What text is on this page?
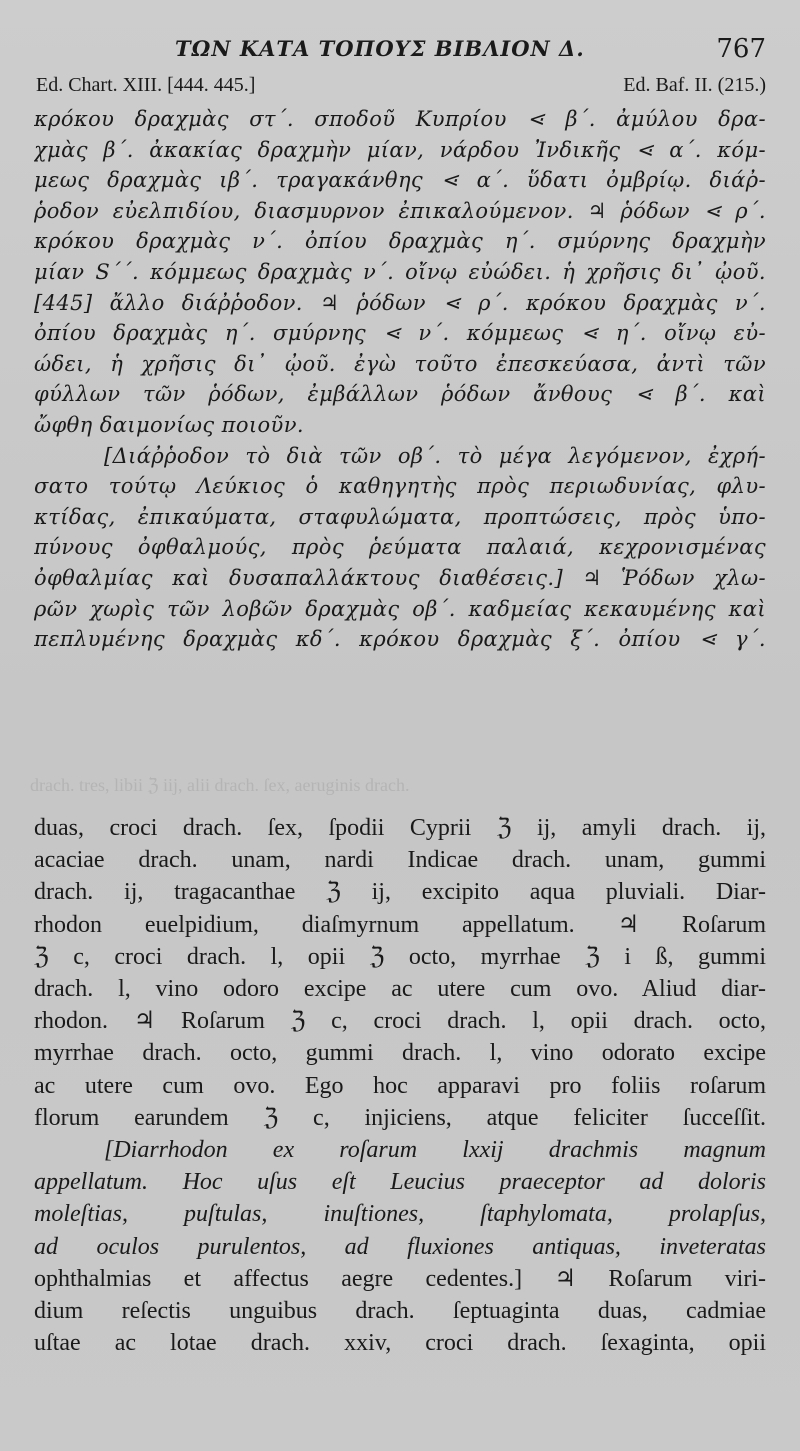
ΤΩΝ ΚΑΤΑ ΤΟΠΟΥΣ ΒΙΒΛΙΟΝ Δ.	767
Ed. Chart. XIII. [444. 445.]	Ed. Baf. II. (215.)
κρόκου δραχμὰς στ΄. σποδοῦ Κυπρίου ⋖ β΄. ἀμύλου δρα-
χμὰς β΄. ἀκακίας δραχμὴν μίαν, νάρδου Ἰνδικῆς ⋖ α΄. κόμ-
μεως δραχμὰς ιβ΄. τραγακάνθης ⋖ α΄. ὕδατι ὀμβρίῳ. διάῤ-
ῥοδον εὐελπιδίου, διασμυρνον ἐπικαλούμενον. ♃ ῥόδων ⋖ ρ΄.
κρόκου δραχμὰς ν΄. ὀπίου δραχμὰς η΄. σμύρνης δραχμὴν
μίαν S΄΄. κόμμεως δραχμὰς ν΄. οἴνῳ εὐώδει. ἡ χρῆσις δι᾿ ᾠοῦ.
[445] ἄλλο διάῤῥοδον. ♃ ῥόδων ⋖ ρ΄. κρόκου δραχμὰς ν΄.
ὀπίου δραχμὰς η΄. σμύρνης ⋖ ν΄. κόμμεως ⋖ η΄. οἴνῳ εὐ-
ώδει, ἡ χρῆσις δι᾿ ᾠοῦ. ἐγὼ τοῦτο ἐπεσκεύασα, ἀντὶ τῶν
φύλλων τῶν ῥόδων, ἐμβάλλων ῥόδων ἄνθους ⋖ β΄. καὶ
ὤφθη δαιμονίως ποιοῦν.
[Διάῤῥοδον τὸ διὰ τῶν οβ΄. τὸ μέγα λεγόμενον, ἐχρή-
σατο τούτῳ Λεύκιος ὁ καθηγητὴς πρὸς περιωδυνίας, φλυ-
κτίδας, ἐπικαύματα, σταφυλώματα, προπτώσεις, πρὸς ὑπο-
πύνους ὀφθαλμούς, πρὸς ῥεύματα παλαιά, κεχρονισμένας
ὀφθαλμίας καὶ δυσαπαλλάκτους διαθέσεις.] ♃ Ῥόδων χλω-
ρῶν χωρὶς τῶν λοβῶν δραχμὰς οβ΄. καδμείας κεκαυμένης καὶ
πεπλυμένης δραχμὰς κδ΄. κρόκου δραχμὰς ξ΄. ὀπίου ⋖ γ΄.
drach. tres, libii ℨ iij, alii drach. ſex, aeruginis drach.
duas, croci drach. ſex, ſpodii Cyprii ℨ ij, amyli drach. ij,
acaciae drach. unam, nardi Indicae drach. unam, gummi
drach. ij, tragacanthae ℨ ij, excipito aqua pluviali. Diar-
rhodon euelpidium, diaſmyrnum appellatum. ♃ Roſarum
ℨ c, croci drach. l, opii ℨ octo, myrrhae ℨ i ß, gummi
drach. l, vino odoro excipe ac utere cum ovo. Aliud diar-
rhodon. ♃ Roſarum ℨ c, croci drach. l, opii drach. octo,
myrrhae drach. octo, gummi drach. l, vino odorato excipe
ac utere cum ovo. Ego hoc apparavi pro foliis roſarum
florum earundem ℨ c, injiciens, atque feliciter ſucceſſit.
[Diarrhodon ex roſarum lxxij drachmis magnum
appellatum. Hoc uſus eſt Leucius praeceptor ad doloris
moleſtias, puſtulas, inuſtiones, ſtaphylomata, prolapſus,
ad oculos purulentos, ad fluxiones antiquas, inveteratas
ophthalmias et affectus aegre cedentes.] ♃ Roſarum viri-
dium reſectis unguibus drach. ſeptuaginta duas, cadmiae
uſtae ac lotae drach. xxiv, croci drach. ſexaginta, opii
